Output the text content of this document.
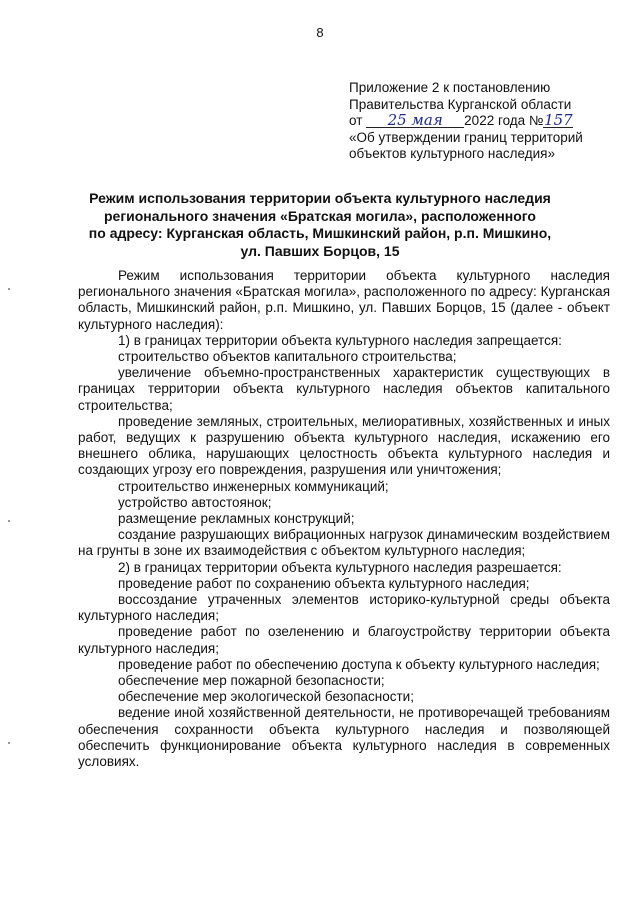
8
Приложение 2 к постановлению
Правительства Курганской области
от 25 мая 2022 года №157
«Об утверждении границ территорий
объектов культурного наследия»
Режим использования территории объекта культурного наследия
регионального значения «Братская могила», расположенного
по адресу: Курганская область, Мишкинский район, р.п. Мишкино,
ул. Павших Борцов, 15

Режим использования территории объекта культурного наследия регионального значения «Братская могила», расположенного по адресу: Курганская область, Мишкинский район, р.п. Мишкино, ул. Павших Борцов, 15 (далее - объект культурного наследия):

1) в границах территории объекта культурного наследия запрещается:

строительство объектов капитального строительства;

увеличение объемно-пространственных характеристик существующих в границах территории объекта культурного наследия объектов капитального строительства;

проведение земляных, строительных, мелиоративных, хозяйственных и иных работ, ведущих к разрушению объекта культурного наследия, искажению его внешнего облика, нарушающих целостность объекта культурного наследия и создающих угрозу его повреждения, разрушения или уничтожения;

строительство инженерных коммуникаций;

устройство автостоянок;

размещение рекламных конструкций;

создание разрушающих вибрационных нагрузок динамическим воздействием на грунты в зоне их взаимодействия с объектом культурного наследия;

2) в границах территории объекта культурного наследия разрешается:

проведение работ по сохранению объекта культурного наследия;

воссоздание утраченных элементов историко-культурной среды объекта культурного наследия;

проведение работ по озеленению и благоустройству территории объекта культурного наследия;

проведение работ по обеспечению доступа к объекту культурного наследия;

обеспечение мер пожарной безопасности;

обеспечение мер экологической безопасности;

ведение иной хозяйственной деятельности, не противоречащей требованиям обеспечения сохранности объекта культурного наследия и позволяющей обеспечить функционирование объекта культурного наследия в современных условиях.
